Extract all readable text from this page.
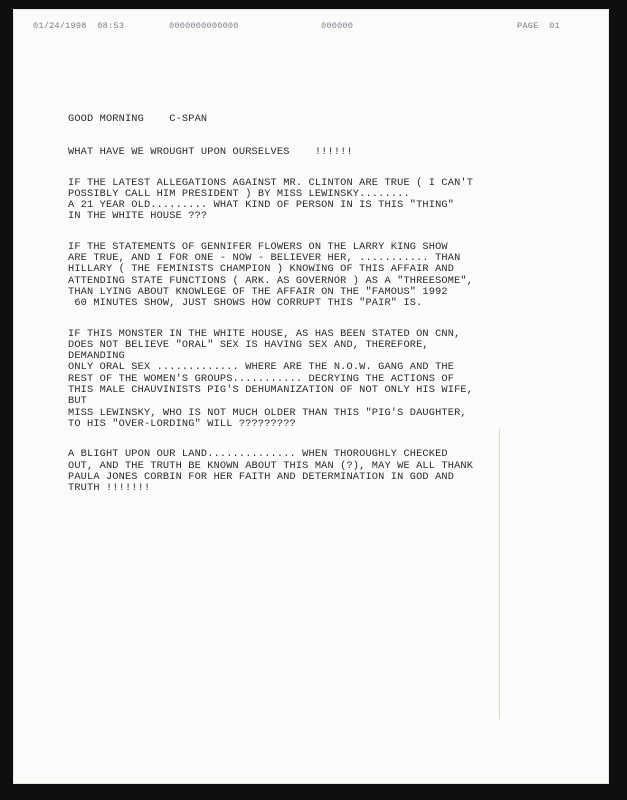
01/24/1998 08:53

	0000000000000

	000000

	PAGE  01

GOOD MORNING    C-SPAN
WHAT HAVE WE WROUGHT UPON OURSELVES    !!!!!!
IF THE LATEST ALLEGATIONS AGAINST MR. CLINTON ARE TRUE ( I CAN'T
POSSIBLY CALL HIM PRESIDENT ) BY MISS LEWINSKY........
A 21 YEAR OLD......... WHAT KIND OF PERSON IN IS THIS "THING"
IN THE WHITE HOUSE ???
IF THE STATEMENTS OF GENNIFER FLOWERS ON THE LARRY KING SHOW
ARE TRUE, AND I FOR ONE - NOW - BELIEVER HER, ........... THAN
HILLARY ( THE FEMINISTS CHAMPION ) KNOWING OF THIS AFFAIR AND
ATTENDING STATE FUNCTIONS ( ARK. AS GOVERNOR ) AS A "THREESOME",
THAN LYING ABOUT KNOWLEGE OF THE AFFAIR ON THE "FAMOUS" 1992
60 MINUTES SHOW, JUST SHOWS HOW CORRUPT THIS "PAIR" IS.
IF THIS MONSTER IN THE WHITE HOUSE, AS HAS BEEN STATED ON CNN,
DOES NOT BELIEVE "ORAL" SEX IS HAVING SEX AND, THEREFORE,
DEMANDING
ONLY ORAL SEX ............. WHERE ARE THE N.O.W. GANG AND THE
REST OF THE WOMEN'S GROUPS........... DECRYING THE ACTIONS OF
THIS MALE CHAUVINISTS PIG'S DEHUMANIZATION OF NOT ONLY HIS WIFE,
BUT
MISS LEWINSKY, WHO IS NOT MUCH OLDER THAN THIS "PIG'S DAUGHTER,
TO HIS "OVER-LORDING" WILL ?????????
A BLIGHT UPON OUR LAND.............. WHEN THOROUGHLY CHECKED
OUT, AND THE TRUTH BE KNOWN ABOUT THIS MAN (?), MAY WE ALL THANK
PAULA JONES CORBIN FOR HER FAITH AND DETERMINATION IN GOD AND
TRUTH !!!!!!!
